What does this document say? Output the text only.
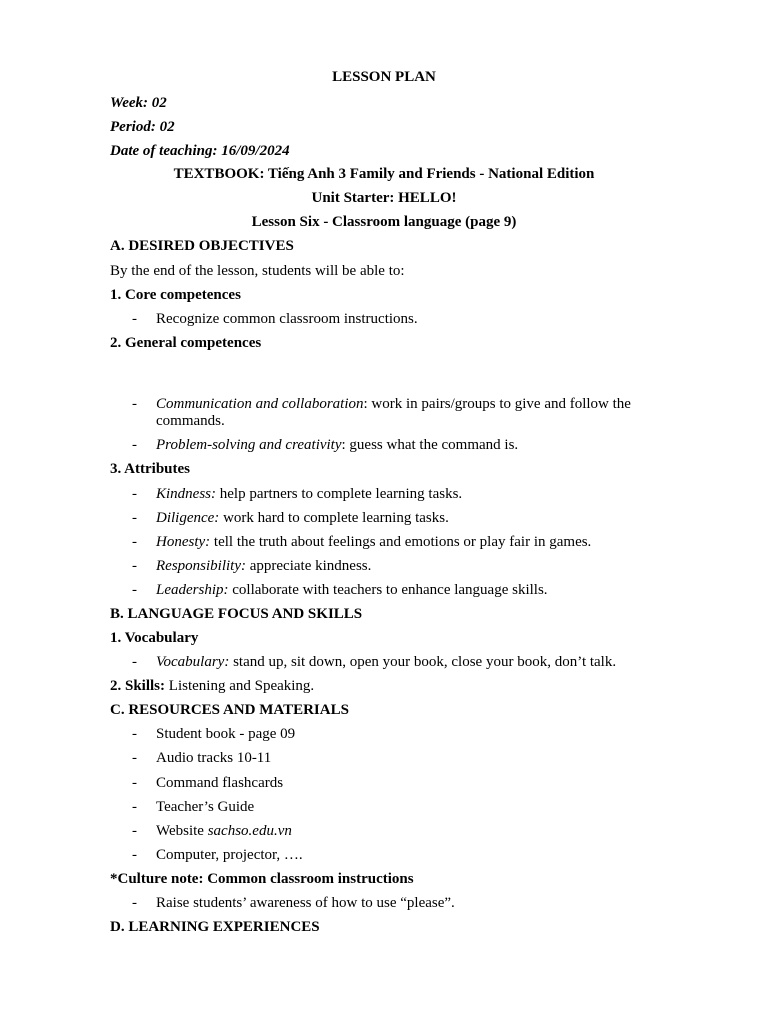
LESSON PLAN
Week: 02
Period: 02
Date of teaching: 16/09/2024
TEXTBOOK: Tiếng Anh 3 Family and Friends - National Edition
Unit Starter: HELLO!
Lesson Six - Classroom language (page 9)
A. DESIRED OBJECTIVES
By the end of the lesson, students will be able to:
1. Core competences
- Recognize common classroom instructions.
2. General competences
- Communication and collaboration: work in pairs/groups to give and follow the
commands.
- Problem-solving and creativity: guess what the command is.
3. Attributes
- Kindness: help partners to complete learning tasks.
- Diligence: work hard to complete learning tasks.
- Honesty: tell the truth about feelings and emotions or play fair in games.
- Responsibility: appreciate kindness.
- Leadership: collaborate with teachers to enhance language skills.
B. LANGUAGE FOCUS AND SKILLS
1. Vocabulary
- Vocabulary: stand up, sit down, open your book, close your book, don’t talk.
2. Skills: Listening and Speaking.
C. RESOURCES AND MATERIALS
- Student book - page 09
- Audio tracks 10-11
- Command flashcards
- Teacher’s Guide
- Website sachso.edu.vn
- Computer, projector, ….
*Culture note: Common classroom instructions
- Raise students’ awareness of how to use “please”.
D. LEARNING EXPERIENCES
